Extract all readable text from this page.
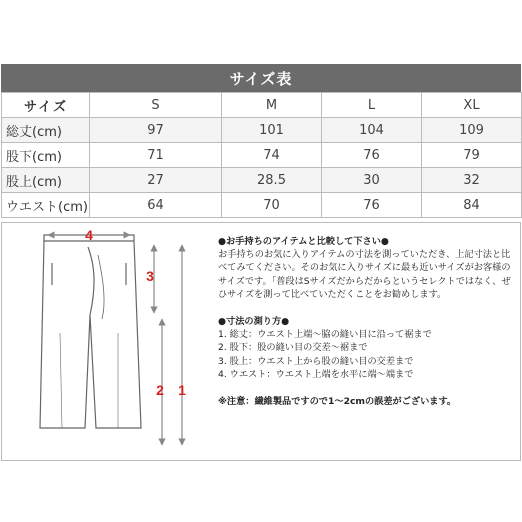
サイズ表
サイズ	S	M	L	XL
総丈(cm)	97	101	104	109
股下(cm)	71	74	76	79
股上(cm)	27	28.5	30	32
ウエスト(cm)	64	70	76	84
4
3
2 1

●お手持ちのアイテムと比較して下さい●

お手持ちのお気に入りアイテムの寸法を測っていただき、上記寸法と比べてみてください。そのお気に入りサイズに最も近いサイズがお客様のサイズです。｢普段はSサイズだからだからというセレクトではなく、ぜひサイズを測って比べていただくことをお勧めします。

●寸法の測り方●

1. 総丈：ウエスト上端～脇の縫い目に沿って裾まで
2. 股下：股の縫い目の交差～裾まで
3. 股上：ウエスト上から股の縫い目の交差まで
4. ウエスト：ウエスト上端を水平に端～端まで

※注意：繊維製品ですので1～2cmの誤差がございます。
